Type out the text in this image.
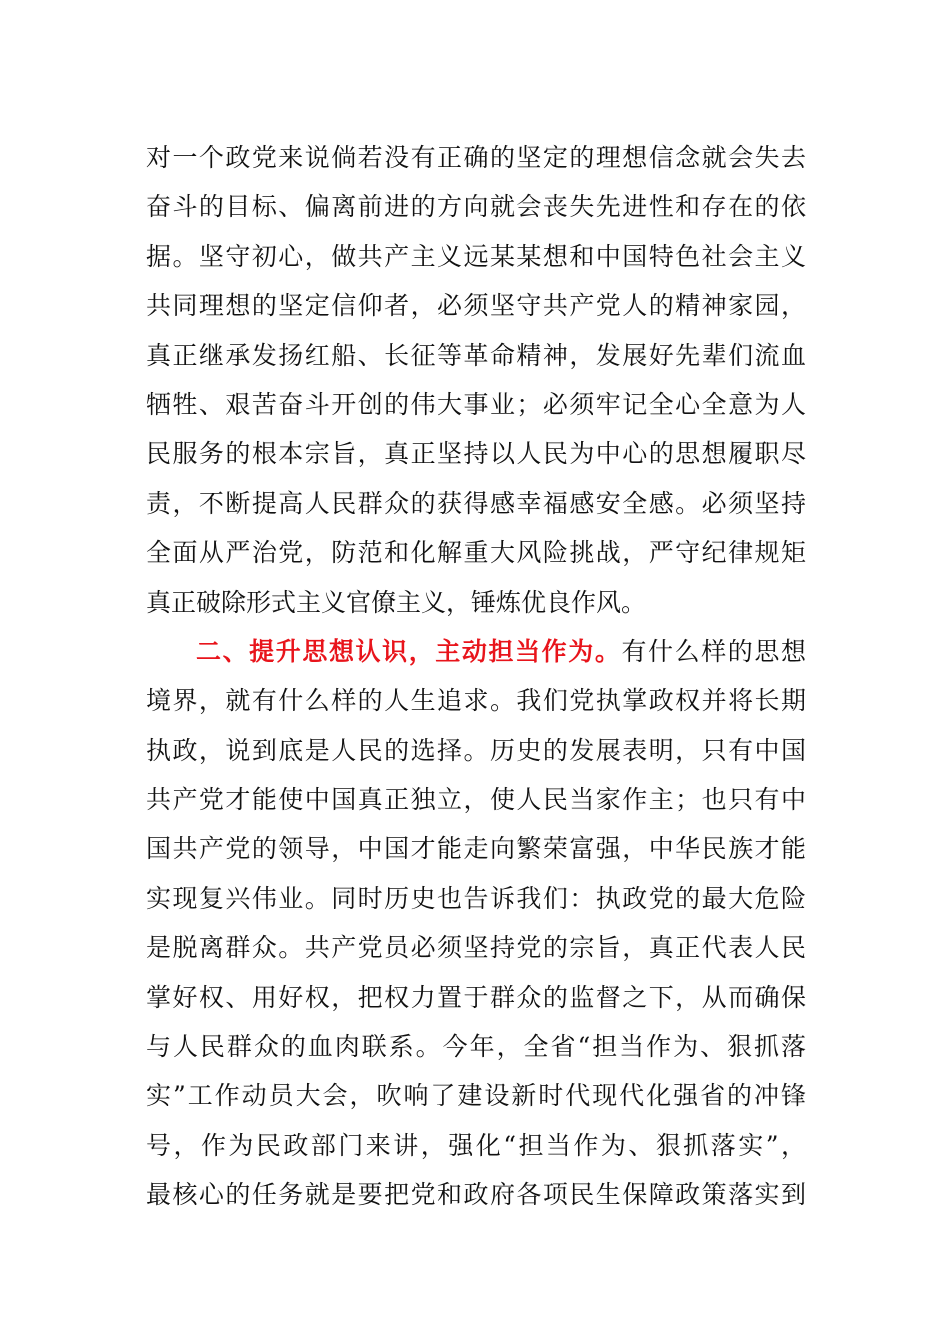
对一个政党来说倘若没有正确的坚定的理想信念就会失去
奋斗的目标、偏离前进的方向就会丧失先进性和存在的依
据。坚守初心，做共产主义远某某想和中国特色社会主义
共同理想的坚定信仰者，必须坚守共产党人的精神家园，
真正继承发扬红船、长征等革命精神，发展好先辈们流血
牺牲、艰苦奋斗开创的伟大事业；必须牢记全心全意为人
民服务的根本宗旨，真正坚持以人民为中心的思想履职尽
责，不断提高人民群众的获得感幸福感安全感。必须坚持
全面从严治党，防范和化解重大风险挑战，严守纪律规矩
真正破除形式主义官僚主义，锤炼优良作风。
二、提升思想认识，主动担当作为。有什么样的思想
境界，就有什么样的人生追求。我们党执掌政权并将长期
执政，说到底是人民的选择。历史的发展表明，只有中国
共产党才能使中国真正独立，使人民当家作主；也只有中
国共产党的领导，中国才能走向繁荣富强，中华民族才能
实现复兴伟业。同时历史也告诉我们：执政党的最大危险
是脱离群众。共产党员必须坚持党的宗旨，真正代表人民
掌好权、用好权，把权力置于群众的监督之下，从而确保
与人民群众的血肉联系。今年，全省“担当作为、狠抓落
实”工作动员大会，吹响了建设新时代现代化强省的冲锋
号，作为民政部门来讲，强化“担当作为、狠抓落实”，
最核心的任务就是要把党和政府各项民生保障政策落实到
